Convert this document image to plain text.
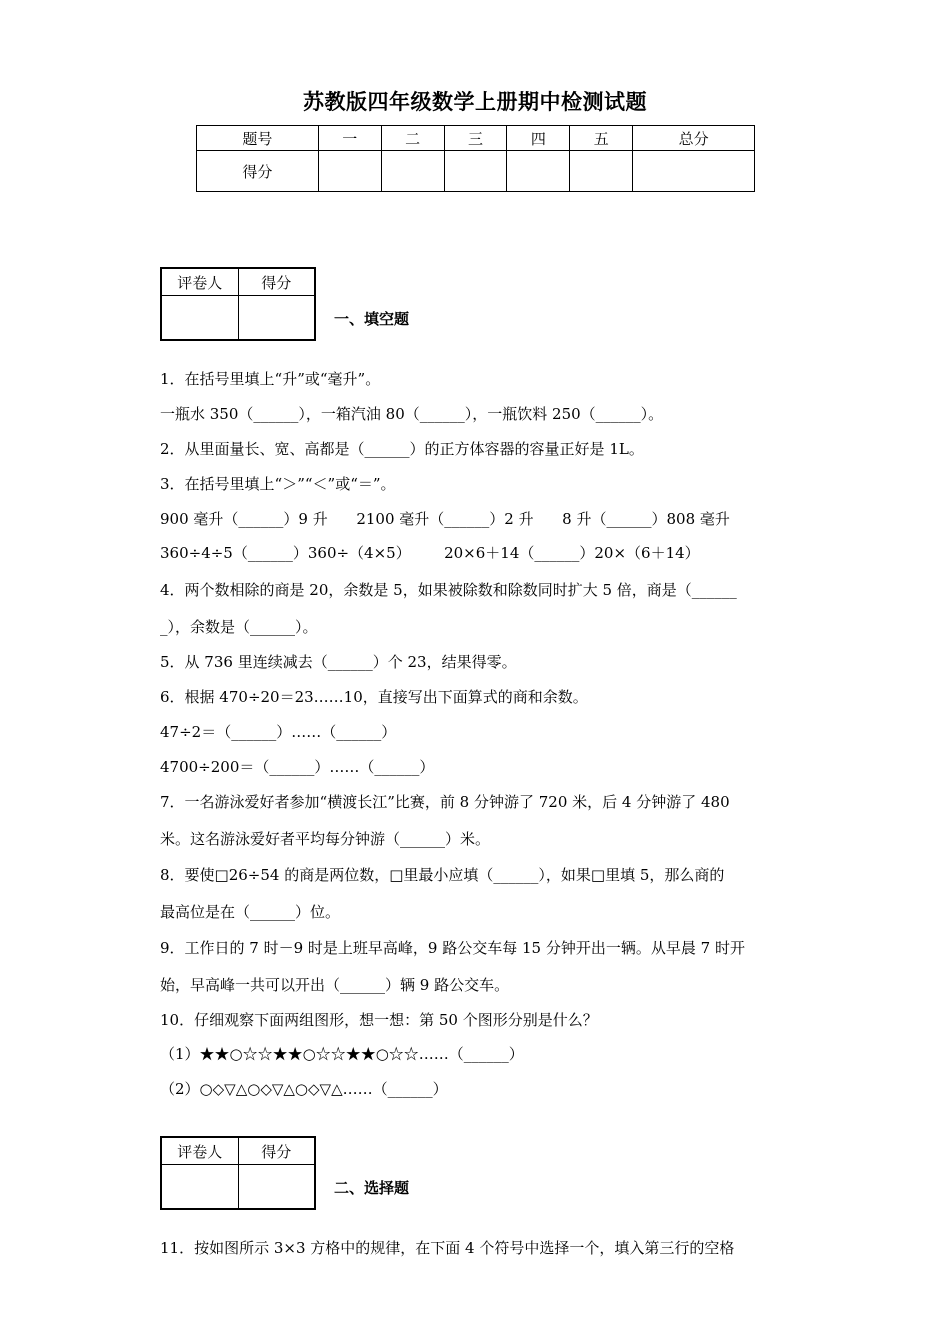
苏教版四年级数学上册期中检测试题
题号	一	二	三	四	五	总分
得分						
评卷人	得分

一、填空题
1．在括号里填上“升”或“毫升”。
一瓶水 350（______），一箱汽油 80（______），一瓶饮料 250（______）。
2．从里面量长、宽、高都是（______）的正方体容器的容量正好是 1L。
3．在括号里填上“＞”“＜”或“＝”。
900 毫升（______）9 升      2100 毫升（______）2 升      8 升（______）808 毫升
360÷4÷5（______）360÷（4×5）       20×6＋14（______）20×（6＋14）
4．两个数相除的商是 20，余数是 5，如果被除数和除数同时扩大 5 倍，商是（______
_），余数是（______）。
5．从 736 里连续减去（______）个 23，结果得零。
6．根据 470÷20＝23……10，直接写出下面算式的商和余数。
47÷2＝（______）……（______）
4700÷200＝（______）……（______）
7．一名游泳爱好者参加“横渡长江”比赛，前 8 分钟游了 720 米，后 4 分钟游了 480
米。这名游泳爱好者平均每分钟游（______）米。
8．要使□26÷54 的商是两位数，□里最小应填（______），如果□里填 5，那么商的
最高位是在（______）位。
9．工作日的 7 时－9 时是上班早高峰，9 路公交车每 15 分钟开出一辆。从早晨 7 时开
始，早高峰一共可以开出（______）辆 9 路公交车。
10．仔细观察下面两组图形，想一想：第 50 个图形分别是什么？
（1）★★○☆☆★★○☆☆★★○☆☆……（______）
（2）○◇▽△○◇▽△○◇▽△……（______）
评卷人	得分

二、选择题
11．按如图所示 3×3 方格中的规律，在下面 4 个符号中选择一个，填入第三行的空格
